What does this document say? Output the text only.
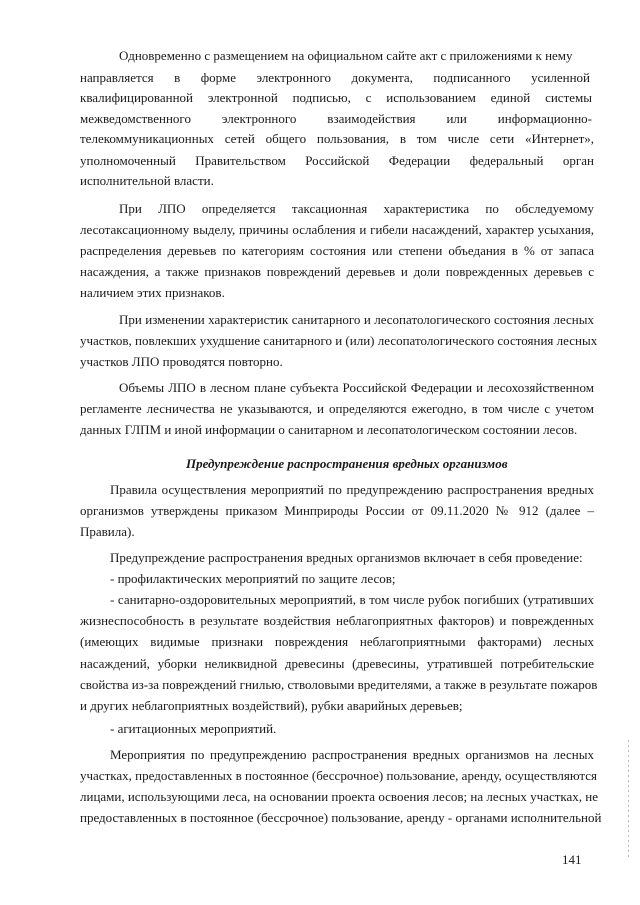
Одновременно с размещением на официальном сайте акт с приложениями к нему
направляется в форме электронного документа, подписанного усиленной
квалифицированной электронной подписью, с использованием единой системы
межведомственного электронного взаимодействия или информационно-
телекоммуникационных сетей общего пользования, в том числе сети «Интернет»,
уполномоченный Правительством Российской Федерации федеральный орган
исполнительной власти.
При ЛПО определяется таксационная характеристика по обследуемому
лесотаксационному выделу, причины ослабления и гибели насаждений, характер усыхания,
распределения деревьев по категориям состояния или степени объедания в % от запаса
насаждения, а также признаков повреждений деревьев и доли поврежденных деревьев с
наличием этих признаков.
При изменении характеристик санитарного и лесопатологического состояния лесных
участков, повлекших ухудшение санитарного и (или) лесопатологического состояния лесных
участков ЛПО проводятся повторно.
Объемы ЛПО в лесном плане субъекта Российской Федерации и лесохозяйственном
регламенте лесничества не указываются, и определяются ежегодно, в том числе с учетом
данных ГЛПМ и иной информации о санитарном и лесопатологическом состоянии лесов.
Предупреждение распространения вредных организмов
Правила осуществления мероприятий по предупреждению распространения вредных
организмов утверждены приказом Минприроды России от 09.11.2020 № 912 (далее –
Правила).
Предупреждение распространения вредных организмов включает в себя проведение:
- профилактических мероприятий по защите лесов;
- санитарно-оздоровительных мероприятий, в том числе рубок погибших (утративших
жизнеспособность в результате воздействия неблагоприятных факторов) и поврежденных
(имеющих видимые признаки повреждения неблагоприятными факторами) лесных
насаждений, уборки неликвидной древесины (древесины, утратившей потребительские
свойства из-за повреждений гнилью, стволовыми вредителями, а также в результате пожаров
и других неблагоприятных воздействий), рубки аварийных деревьев;
- агитационных мероприятий.
Мероприятия по предупреждению распространения вредных организмов на лесных
участках, предоставленных в постоянное (бессрочное) пользование, аренду, осуществляются
лицами, использующими леса, на основании проекта освоения лесов; на лесных участках, не
предоставленных в постоянное (бессрочное) пользование, аренду - органами исполнительной
141
